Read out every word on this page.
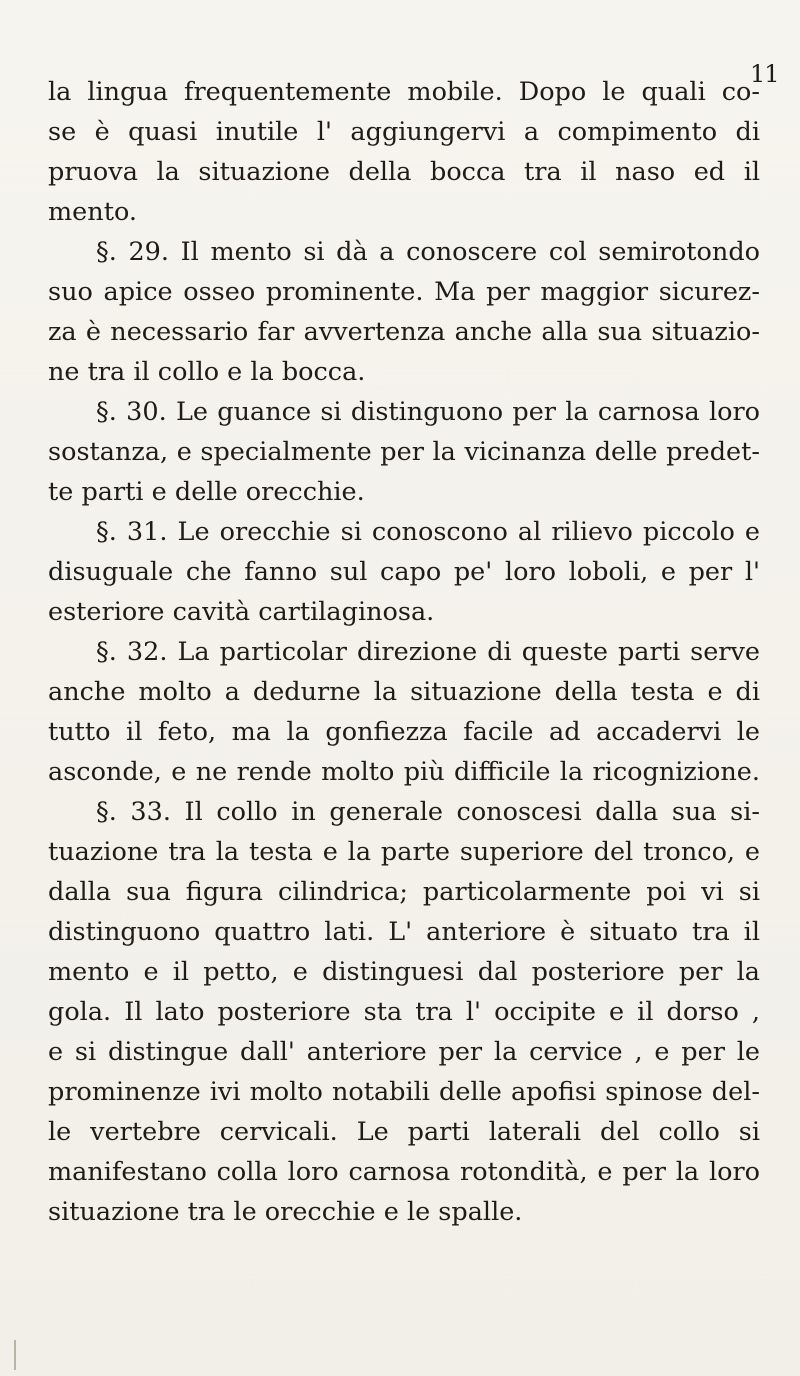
11
la lingua frequentemente mobile. Dopo le quali co-
se è quasi inutile l' aggiungervi a compimento di
pruova la situazione della bocca tra il naso ed il
mento.
§. 29. Il mento si dà a conoscere col semirotondo
suo apice osseo prominente. Ma per maggior sicurez-
za è necessario far avvertenza anche alla sua situazio-
ne tra il collo e la bocca.
§. 30. Le guance si distinguono per la carnosa loro
sostanza, e specialmente per la vicinanza delle predet-
te parti e delle orecchie.
§. 31. Le orecchie si conoscono al rilievo piccolo e
disuguale che fanno sul capo pe' loro loboli, e per l'
esteriore cavità cartilaginosa.
§. 32. La particolar direzione di queste parti serve
anche molto a dedurne la situazione della testa e di
tutto il feto, ma la gonfiezza facile ad accadervi le
asconde, e ne rende molto più difficile la ricognizione.
§. 33. Il collo in generale conoscesi dalla sua si-
tuazione tra la testa e la parte superiore del tronco, e
dalla sua figura cilindrica; particolarmente poi vi si
distinguono quattro lati. L' anteriore è situato tra il
mento e il petto, e distinguesi dal posteriore per la
gola. Il lato posteriore sta tra l' occipite e il dorso ,
e si distingue dall' anteriore per la cervice , e per le
prominenze ivi molto notabili delle apofisi spinose del-
le vertebre cervicali. Le parti laterali del collo si
manifestano colla loro carnosa rotondità, e per la loro
situazione tra le orecchie e le spalle.
